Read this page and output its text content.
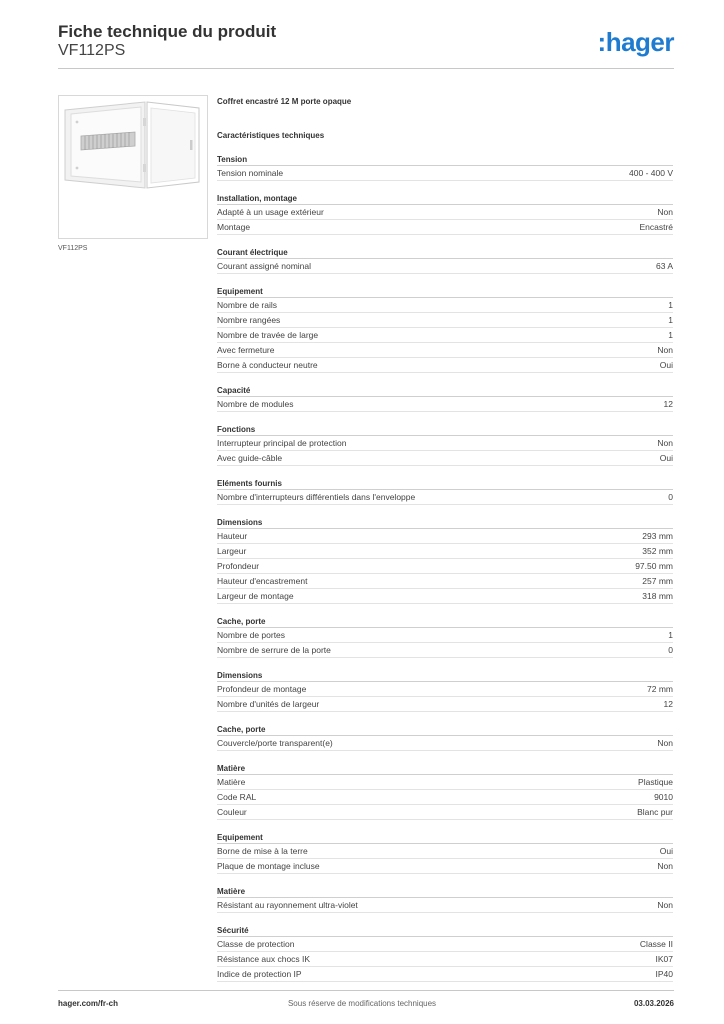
Fiche technique du produit
VF112PS	:hager
VF112PS
Coffret encastré 12 M porte opaque
Caractéristiques techniques
Tension
Tension nominale	400 - 400 V
Installation, montage
Adapté à un usage extérieur	Non
Montage	Encastré
Courant électrique
Courant assigné nominal	63 A
Equipement
Nombre de rails	1
Nombre rangées	1
Nombre de travée de large	1
Avec fermeture	Non
Borne à conducteur neutre	Oui
Capacité
Nombre de modules	12
Fonctions
Interrupteur principal de protection	Non
Avec guide-câble	Oui
Eléments fournis
Nombre d'interrupteurs différentiels dans l'enveloppe	0
Dimensions
Hauteur	293 mm
Largeur	352 mm
Profondeur	97.50 mm
Hauteur d'encastrement	257 mm
Largeur de montage	318 mm
Cache, porte
Nombre de portes	1
Nombre de serrure de la porte	0
Dimensions
Profondeur de montage	72 mm
Nombre d'unités de largeur	12
Cache, porte
Couvercle/porte transparent(e)	Non
Matière
Matière	Plastique
Code RAL	9010
Couleur	Blanc pur
Equipement
Borne de mise à la terre	Oui
Plaque de montage incluse	Non
Matière
Résistant au rayonnement ultra-violet	Non
Sécurité
Classe de protection	Classe II
Résistance aux chocs IK	IK07
Indice de protection IP	IP40
Sous réserve de modifications techniques
hager.com/fr-ch	03.03.2026
